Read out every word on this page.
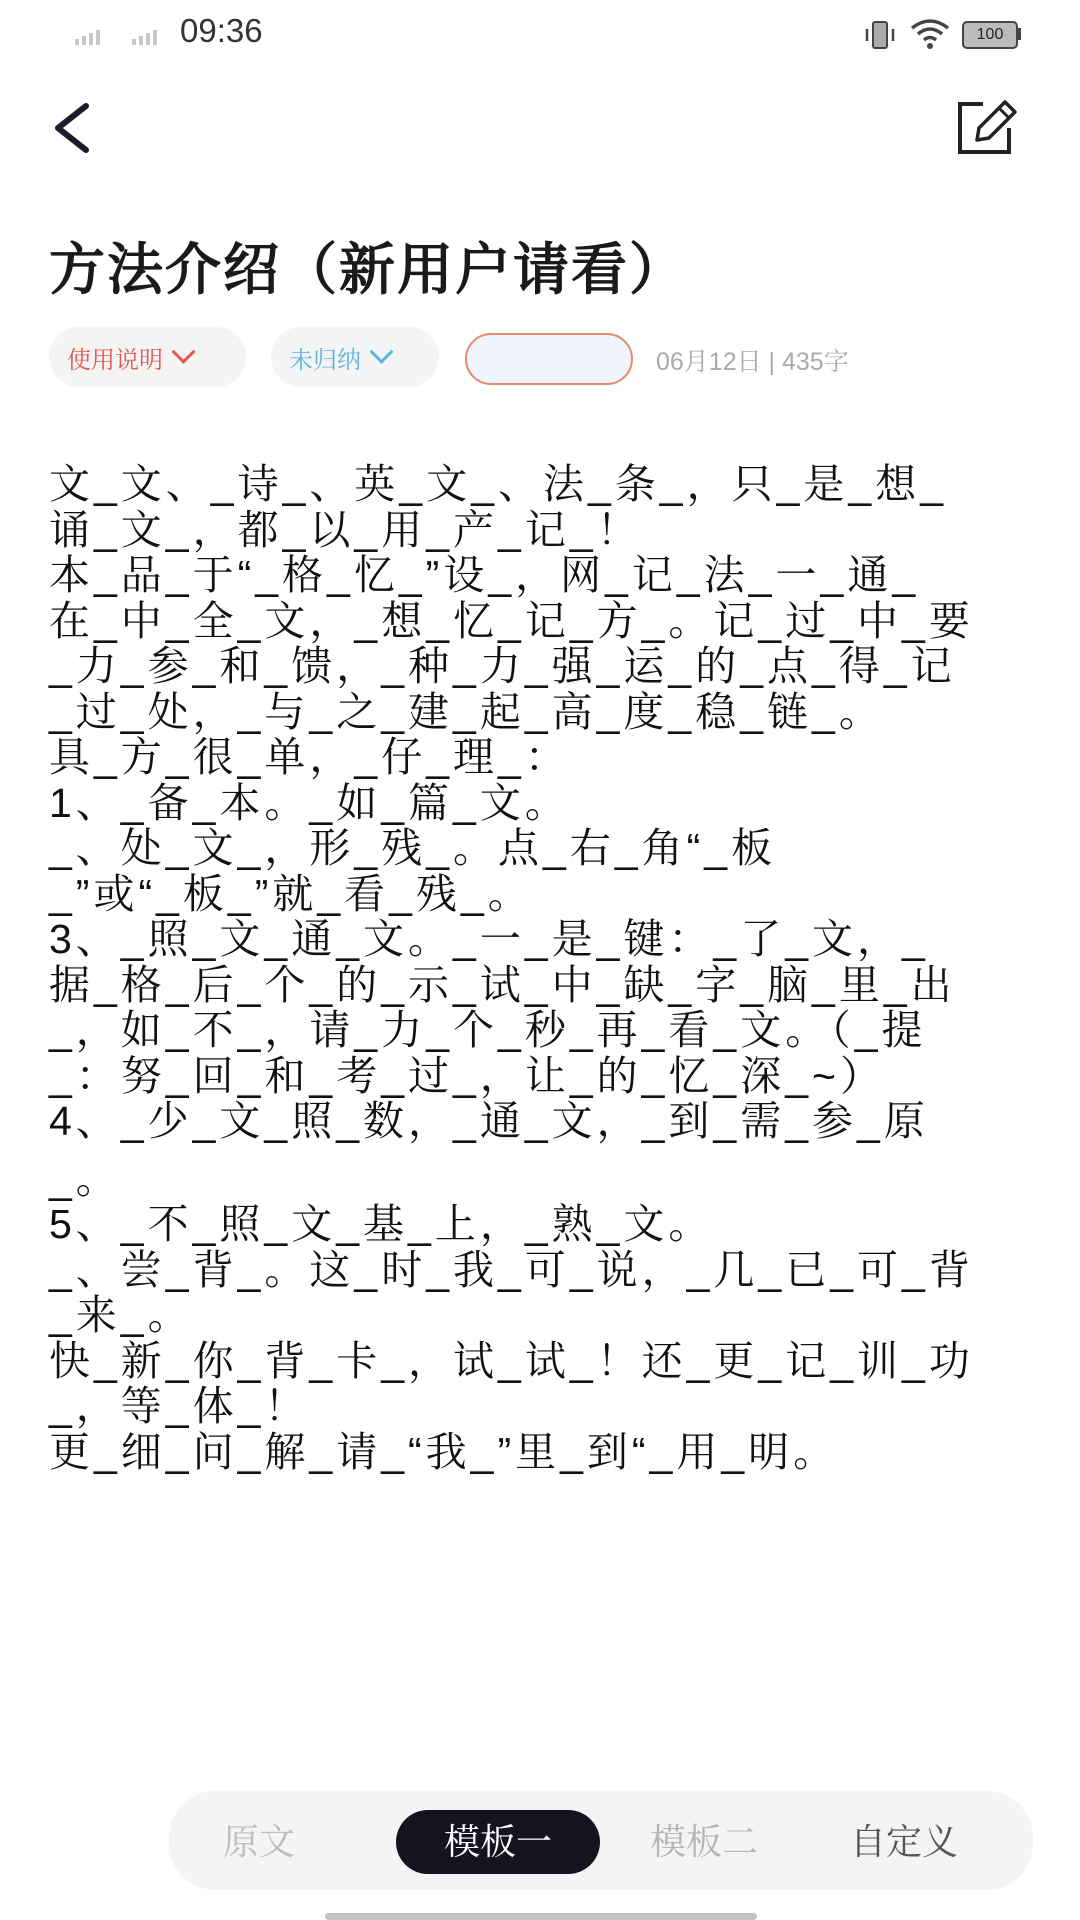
09:36	100
方法介绍（新用户请看）
使用说明	未归纳	06月12日 | 435字
文_文、_诗_、英_文_、法_条_，只_是_想_
诵_文_，都_以_用_产_记_！
本_品_于“_格_忆_”设_，网_记_法_一_通_
在_中_全_文，_想_忆_记_方_。记_过_中_要
_力_参_和_馈，_种_力_强_运_的_点_得_记
_过_处，_与_之_建_起_高_度_稳_链_。
具_方_很_单，_仔_理_：
1、_备_本。_如_篇_文。
_、处_文_，形_残_。点_右_角“_板
_”或“_板_”就_看_残_。
3、_照_文_通_文。_一_是_键：_了_文，_
据_格_后_个_的_示_试_中_缺_字_脑_里_出
_，如_不_，请_力_个_秒_再_看_文。（_提
_：努_回_和_考_过_，让_的_忆_深_~）
4、_少_文_照_数，_通_文，_到_需_参_原
_。
5、_不_照_文_基_上，_熟_文。
_、尝_背_。这_时_我_可_说，_几_已_可_背
_来_。
快_新_你_背_卡_，试_试_！还_更_记_训_功
_，等_体_！
更_细_问_解_请_“我_”里_到“_用_明。
原文	模板一	模板二	自定义
